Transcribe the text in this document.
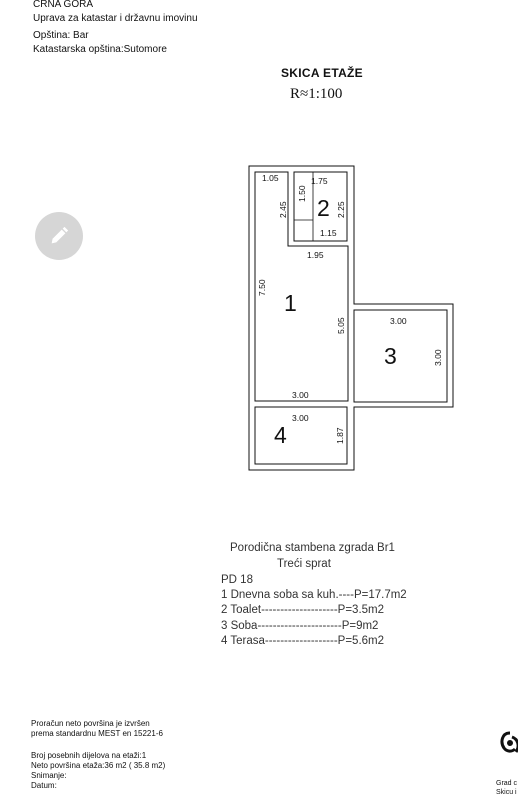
CRNA GORA
Uprava za katastar i državnu imovinu
Opština: Bar
Katastarska opština:Sutomore
SKICA ETAŽE
R≈1:100
1.05	1.75
1.50
2.45	2.25
1.15
1.95
7.50
5.05
3.00
3.00
3.00
3.00
1.87
1
2
3
4
Porodična stambena zgrada Br1
Treći sprat
PD 18
1 Dnevna soba sa kuh.----P=17.7m2
2 Toalet--------------------P=3.5m2
3 Soba----------------------P=9m2
4 Terasa-------------------P=5.6m2
Proračun neto površina je izvršen
prema standardnu MEST en 15221-6
Broj posebnih dijelova na etaži:1
Neto površina etaža:36 m2 ( 35.8 m2)
Snimanje:
Datum:	Grad c
Skicu i
